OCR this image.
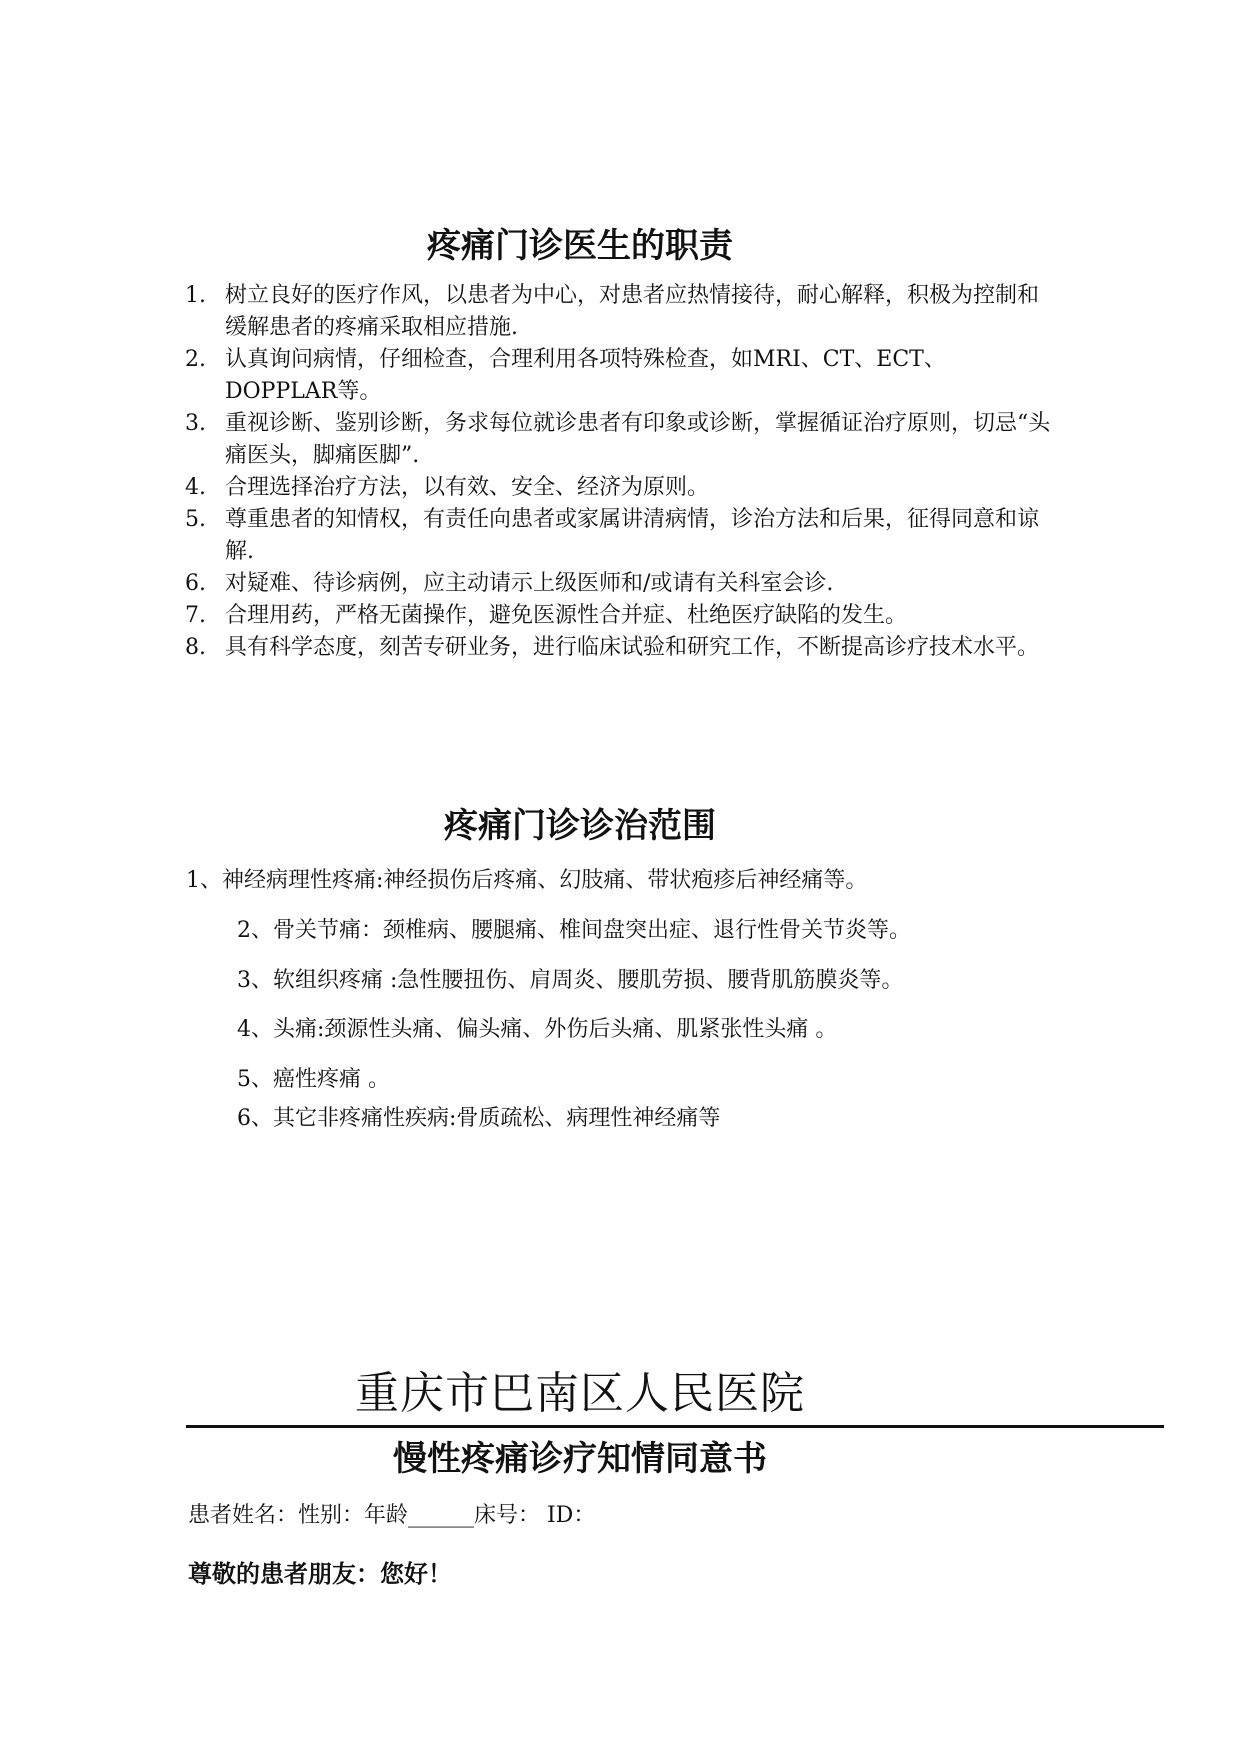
疼痛门诊医生的职责
1. 树立良好的医疗作风，以患者为中心，对患者应热情接待，耐心解释，积极为控制和缓解患者的疼痛采取相应措施.
2. 认真询问病情，仔细检查，合理利用各项特殊检查，如MRI、CT、ECT、DOPPLAR等。
3. 重视诊断、鉴别诊断，务求每位就诊患者有印象或诊断，掌握循证治疗原则，切忌“头痛医头，脚痛医脚”.
4. 合理选择治疗方法，以有效、安全、经济为原则。
5. 尊重患者的知情权，有责任向患者或家属讲清病情，诊治方法和后果，征得同意和谅解.
6. 对疑难、待诊病例，应主动请示上级医师和/或请有关科室会诊.
7. 合理用药，严格无菌操作，避免医源性合并症、杜绝医疗缺陷的发生。
8. 具有科学态度，刻苦专研业务，进行临床试验和研究工作，不断提高诊疗技术水平。
疼痛门诊诊治范围
1、神经病理性疼痛:神经损伤后疼痛、幻肢痛、带状疱疹后神经痛等。
2、骨关节痛：颈椎病、腰腿痛、椎间盘突出症、退行性骨关节炎等。
3、软组织疼痛 :急性腰扭伤、肩周炎、腰肌劳损、腰背肌筋膜炎等。
4、头痛:颈源性头痛、偏头痛、外伤后头痛、肌紧张性头痛 。
5、癌性疼痛 。
6、其它非疼痛性疾病:骨质疏松、病理性神经痛等
重庆市巴南区人民医院
慢性疼痛诊疗知情同意书
患者姓名：性别：年龄______床号： ID：
尊敬的患者朋友：您好！
